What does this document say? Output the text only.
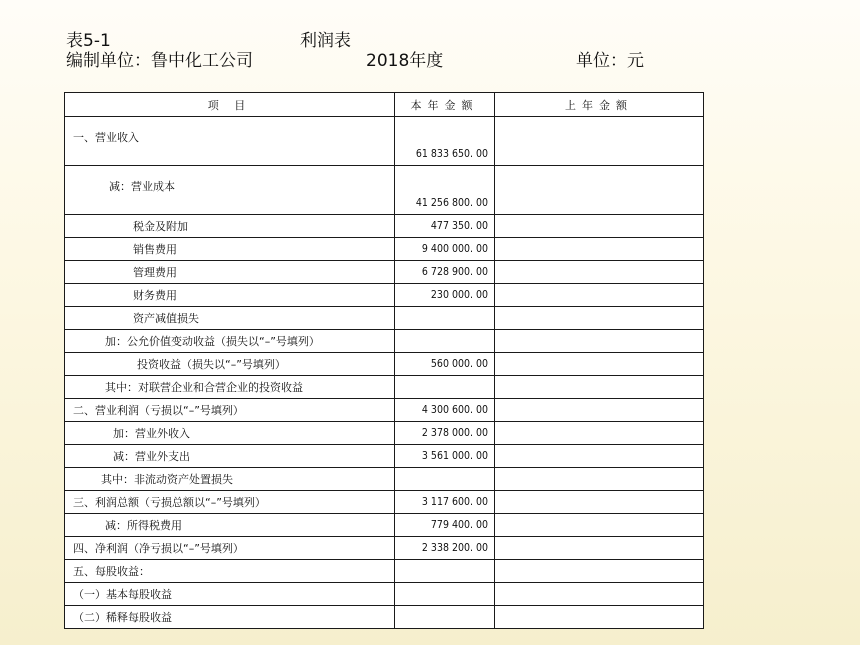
表5-1	利润表
编制单位：鲁中化工公司	2018年度	单位：元
项 目	本年金额	上年金额
一、营业收入	61 833 650. 00	
减：营业成本	41 256 800. 00	
税金及附加	477 350. 00	
销售费用	9 400 000. 00	
管理费用	6 728 900. 00	
财务费用	230 000. 00	
资产减值损失		
加：公允价值变动收益（损失以“–”号填列）		
投资收益（损失以“–”号填列）	560 000. 00	
其中：对联营企业和合营企业的投资收益		
二、营业利润（亏损以“–”号填列）	4 300 600. 00	
加：营业外收入	2 378 000. 00	
减：营业外支出	3 561 000. 00	
其中：非流动资产处置损失		
三、利润总额（亏损总额以“–”号填列）	3 117 600. 00	
减：所得税费用	779 400. 00	
四、净利润（净亏损以“–”号填列）	2 338 200. 00	
五、每股收益：		
（一）基本每股收益		
（二）稀释每股收益		
